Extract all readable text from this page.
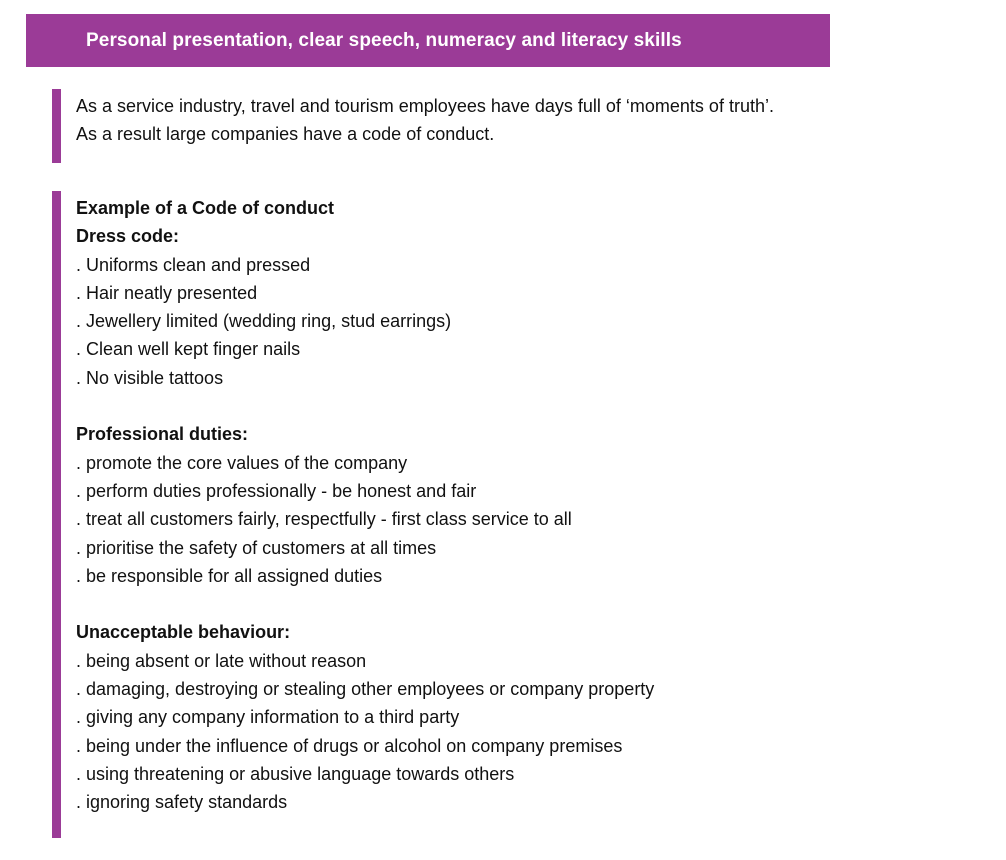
Personal presentation, clear speech, numeracy and literacy skills
As a service industry, travel and tourism employees have days full of ‘moments of truth’.
As a result large companies have a code of conduct.
Example of a Code of conduct
Dress code:
. Uniforms clean and pressed
. Hair neatly presented
. Jewellery limited (wedding ring, stud earrings)
. Clean well kept finger nails
. No visible tattoos
Professional duties:
. promote the core values of the company
. perform duties professionally - be honest and fair
. treat all customers fairly, respectfully - first class service to all
. prioritise the safety of customers at all times
. be responsible for all assigned duties
Unacceptable behaviour:
. being absent or late without reason
. damaging, destroying or stealing other employees or company property
. giving any company information to a third party
. being under the influence of drugs or alcohol on company premises
. using threatening or abusive language towards others
. ignoring safety standards
